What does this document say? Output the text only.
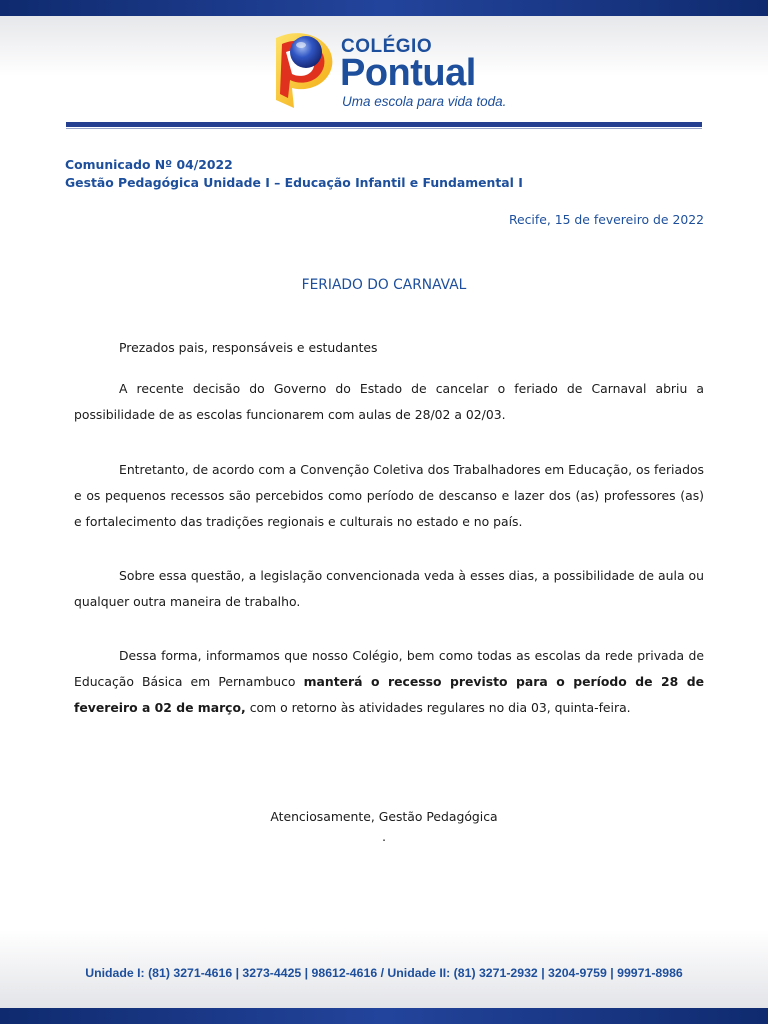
COLÉGIO
Pontual
Uma escola para vida toda.
Comunicado Nº 04/2022
Gestão Pedagógica Unidade I – Educação Infantil e Fundamental I
Recife, 15 de fevereiro de 2022
FERIADO DO CARNAVAL
Prezados pais, responsáveis e estudantes
A recente decisão do Governo do Estado de cancelar o feriado de Carnaval abriu a possibilidade de as escolas funcionarem com aulas de 28/02 a 02/03.
Entretanto, de acordo com a Convenção Coletiva dos Trabalhadores em Educação, os feriados e os pequenos recessos são percebidos como período de descanso e lazer dos (as) professores (as) e fortalecimento das tradições regionais e culturais no estado e no país.
Sobre essa questão, a legislação convencionada veda à esses dias, a possibilidade de aula ou qualquer outra maneira de trabalho.
Dessa forma, informamos que nosso Colégio, bem como todas as escolas da rede privada de Educação Básica em Pernambuco manterá o recesso previsto para o período de 28 de fevereiro a 02 de março, com o retorno às atividades regulares no dia 03, quinta-feira.
Atenciosamente, Gestão Pedagógica
.
Unidade I: (81) 3271-4616 | 3273-4425 | 98612-4616 / Unidade II: (81) 3271-2932 | 3204-9759 | 99971-8986
